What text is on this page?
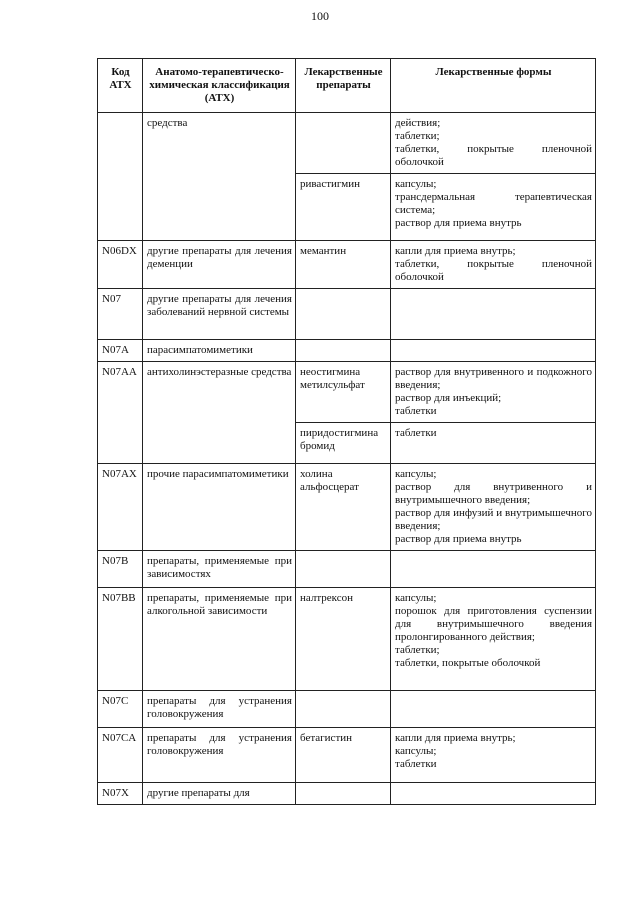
100
Код АТХ	Анатомо-терапевтическо-химическая классификация (АТХ)	Лекарственные препараты	Лекарственные формы
	средства		действия;
таблетки;
таблетки, покрытые пленочной оболочкой

		ривастигмин	капсулы;
трансдермальная терапевтическая система;
раствор для приема внутрь

N06DX	другие препараты для лечения деменции	мемантин	капли для приема внутрь;
таблетки, покрытые пленочной оболочкой

N07	другие препараты для лечения заболеваний нервной системы		
N07A	парасимпатомиметики		
N07AA	антихолинэстеразные средства	неостигмина метилсульфат	раствор для внутривенного и подкожного введения;
раствор для инъекций;
таблетки

		пиридостигмина бромид	таблетки

N07AX	прочие парасимпатомиметики	холина альфосцерат	капсулы;
раствор для внутривенного и внутримышечного введения;
раствор для инфузий и внутримышечного введения;
раствор для приема внутрь

N07B	препараты, применяемые при зависимостях		
N07BB	препараты, применяемые при алкогольной зависимости	налтрексон	капсулы;
порошок для приготовления суспензии для внутримышечного введения пролонгированного действия;
таблетки;
таблетки, покрытые оболочкой

N07C	препараты для устранения головокружения		
N07CA	препараты для устранения головокружения	бетагистин	капли для приема внутрь;
капсулы;
таблетки

N07X	другие препараты для		
